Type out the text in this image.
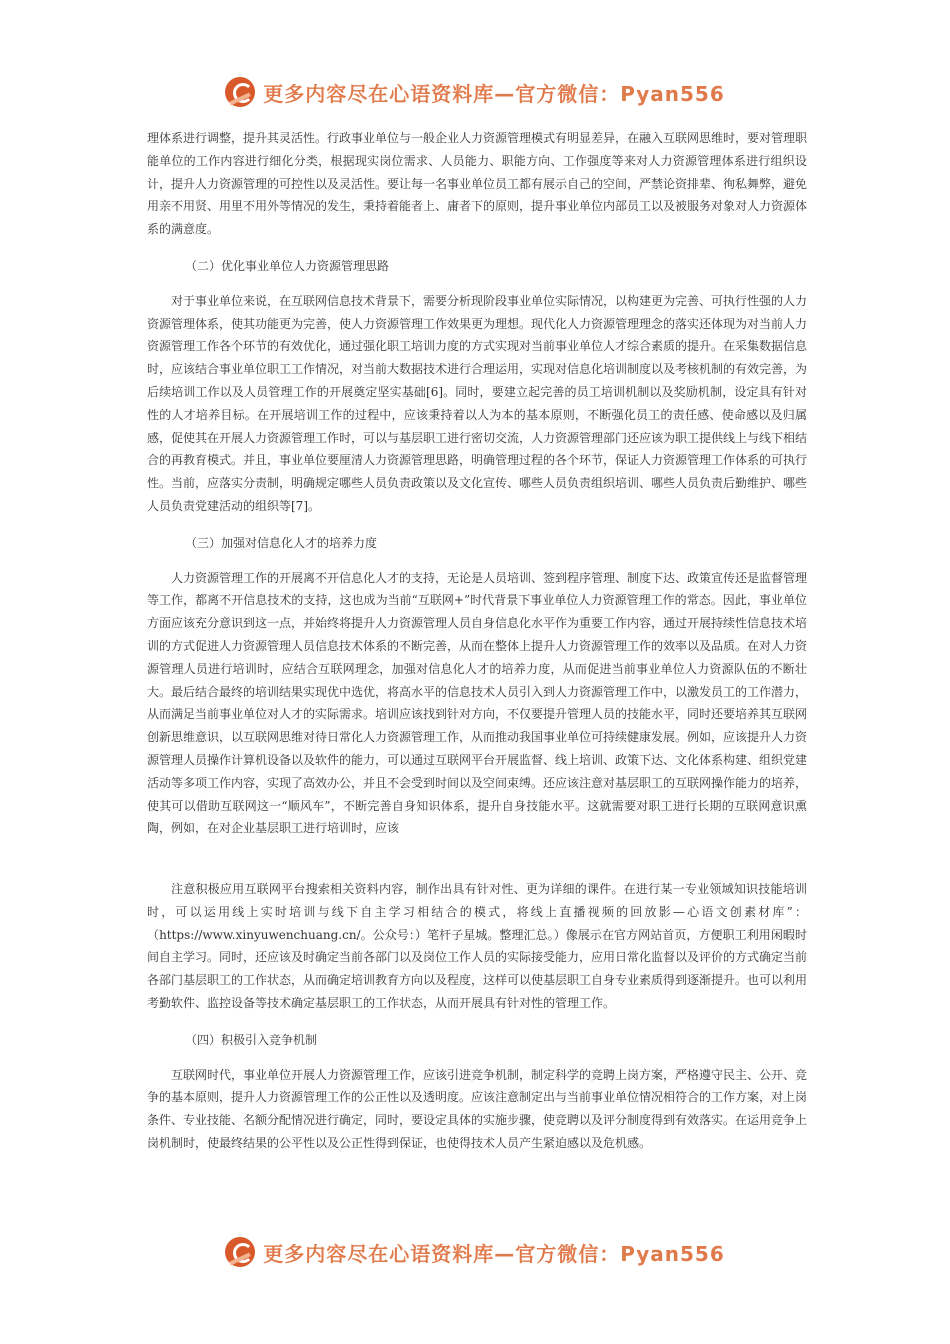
更多内容尽在心语资料库—官方微信：Pyan556

理体系进行调整，提升其灵活性。行政事业单位与一般企业人力资源管理模式有明显差异，在融入互联网思维时，要对管理职能单位的工作内容进行细化分类，根据现实岗位需求、人员能力、职能方向、工作强度等来对人力资源管理体系进行组织设计，提升人力资源管理的可控性以及灵活性。要让每一名事业单位员工都有展示自己的空间，严禁论资排辈、徇私舞弊，避免用亲不用贤、用里不用外等情况的发生，秉持着能者上、庸者下的原则，提升事业单位内部员工以及被服务对象对人力资源体系的满意度。

（二）优化事业单位人力资源管理思路

对于事业单位来说，在互联网信息技术背景下，需要分析现阶段事业单位实际情况，以构建更为完善、可执行性强的人力资源管理体系，使其功能更为完善，使人力资源管理工作效果更为理想。现代化人力资源管理理念的落实还体现为对当前人力资源管理工作各个环节的有效优化，通过强化职工培训力度的方式实现对当前事业单位人才综合素质的提升。在采集数据信息时，应该结合事业单位职工工作情况，对当前大数据技术进行合理运用，实现对信息化培训制度以及考核机制的有效完善，为后续培训工作以及人员管理工作的开展奠定坚实基础[6]。同时，要建立起完善的员工培训机制以及奖励机制，设定具有针对性的人才培养目标。在开展培训工作的过程中，应该秉持着以人为本的基本原则，不断强化员工的责任感、使命感以及归属感，促使其在开展人力资源管理工作时，可以与基层职工进行密切交流，人力资源管理部门还应该为职工提供线上与线下相结合的再教育模式。并且，事业单位要厘清人力资源管理思路，明确管理过程的各个环节，保证人力资源管理工作体系的可执行性。当前，应落实分责制，明确规定哪些人员负责政策以及文化宣传、哪些人员负责组织培训、哪些人员负责后勤维护、哪些人员负责党建活动的组织等[7]。

（三）加强对信息化人才的培养力度

人力资源管理工作的开展离不开信息化人才的支持，无论是人员培训、签到程序管理、制度下达、政策宣传还是监督管理等工作，都离不开信息技术的支持，这也成为当前“互联网+”时代背景下事业单位人力资源管理工作的常态。因此，事业单位方面应该充分意识到这一点，并始终将提升人力资源管理人员自身信息化水平作为重要工作内容，通过开展持续性信息技术培训的方式促进人力资源管理人员信息技术体系的不断完善，从而在整体上提升人力资源管理工作的效率以及品质。在对人力资源管理人员进行培训时，应结合互联网理念，加强对信息化人才的培养力度，从而促进当前事业单位人力资源队伍的不断壮大。最后结合最终的培训结果实现优中选优，将高水平的信息技术人员引入到人力资源管理工作中，以激发员工的工作潜力，从而满足当前事业单位对人才的实际需求。培训应该找到针对方向，不仅要提升管理人员的技能水平，同时还要培养其互联网创新思维意识，以互联网思维对待日常化人力资源管理工作，从而推动我国事业单位可持续健康发展。例如，应该提升人力资源管理人员操作计算机设备以及软件的能力，可以通过互联网平台开展监督、线上培训、政策下达、文化体系构建、组织党建活动等多项工作内容，实现了高效办公，并且不会受到时间以及空间束缚。还应该注意对基层职工的互联网操作能力的培养，使其可以借助互联网这一“顺风车”，不断完善自身知识体系，提升自身技能水平。这就需要对职工进行长期的互联网意识熏陶，例如，在对企业基层职工进行培训时，应该

注意积极应用互联网平台搜索相关资料内容，制作出具有针对性、更为详细的课件。在进行某一专业领域知识技能培训时，可以运用线上实时培训与线下自主学习相结合的模式，将线上直播视频的回放影—心语文创素材库”：（https://www.xinyuwenchuang.cn/。公众号：）笔杆子星城。整理汇总。）像展示在官方网站首页，方便职工利用闲暇时间自主学习。同时，还应该及时确定当前各部门以及岗位工作人员的实际接受能力，应用日常化监督以及评价的方式确定当前各部门基层职工的工作状态，从而确定培训教育方向以及程度，这样可以使基层职工自身专业素质得到逐渐提升。也可以利用考勤软件、监控设备等技术确定基层职工的工作状态，从而开展具有针对性的管理工作。

（四）积极引入竞争机制

互联网时代，事业单位开展人力资源管理工作，应该引进竞争机制，制定科学的竞聘上岗方案，严格遵守民主、公开、竞争的基本原则，提升人力资源管理工作的公正性以及透明度。应该注意制定出与当前事业单位情况相符合的工作方案，对上岗条件、专业技能、名额分配情况进行确定，同时，要设定具体的实施步骤，使竞聘以及评分制度得到有效落实。在运用竞争上岗机制时，使最终结果的公平性以及公正性得到保证，也使得技术人员产生紧迫感以及危机感。

更多内容尽在心语资料库—官方微信：Pyan556
